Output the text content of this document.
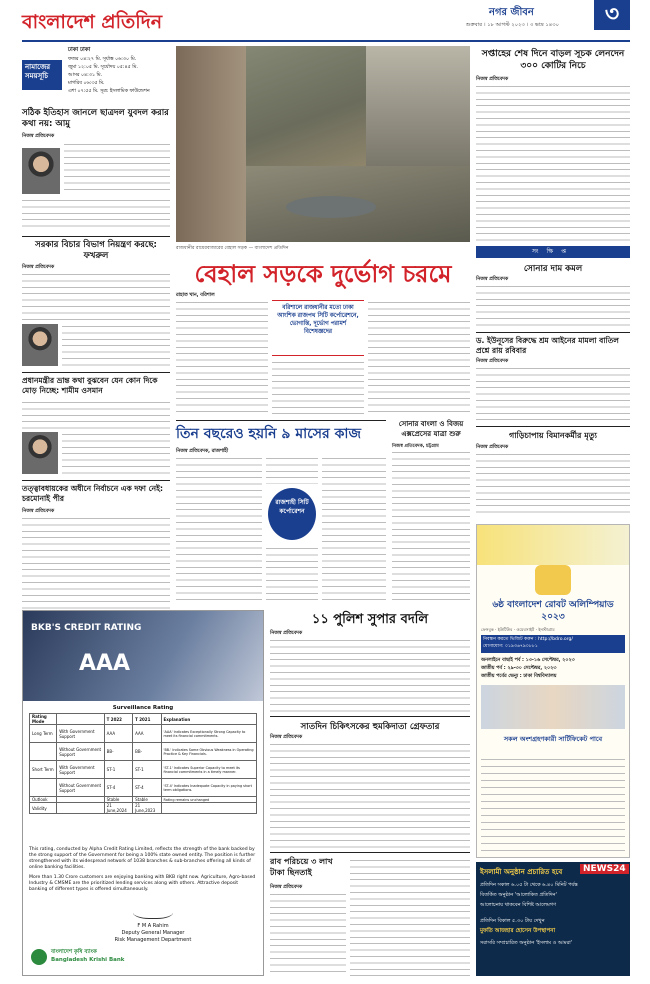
বাংলাদেশ প্রতিদিন	নগর জীবন	৩
শুক্রবার । ১৮ আগস্ট ২০২৩ । ৩ ভাদ্র ১৪৩০
নামাজের সময়সূচি
ঢাকা ঢাকা
ফজর ০৪:২৭ মি. সূর্যাস্ত ০৬:৩০ মি.
জুমা ১২:০৫ মি. সূর্যোদয় ০৫:৪৫ মি.
আসর ০৪:৩১ মি.
মাগরিব ০৬:৩৫ মি.
এশা ০৭:৫৫ মি. সূত্র: ইসলামিক ফাউন্ডেশন
সঠিক ইতিহাস জানলে ছাত্রদল যুবদল করার কথা নয়: আমু
নিজস্ব প্রতিবেদক
সরকার বিচার বিভাগ নিয়ন্ত্রণ করছে: ফখরুল
নিজস্ব প্রতিবেদক
প্রধানমন্ত্রীর ভ্রান্ত কথা বুঝবেন যেন কোন দিকে মোড় নিচ্ছে: শামীম ওসমান
তত্ত্বাবধায়কের অধীনে নির্বাচনে এক দফা নেই: চরমোনাই পীর
নিজস্ব প্রতিবেদক
রাজধানীর রায়েরবাজারের বেহাল সড়ক — বাংলাদেশ প্রতিদিন
সপ্তাহের শেষ দিনে বাড়ল সূচক লেনদেন ৩০০ কোটির নিচে
নিজস্ব প্রতিবেদক
সংক্ষিপ্ত
সোনার দাম কমল
নিজস্ব প্রতিবেদক
ড. ইউনূসের বিরুদ্ধে শ্রম আইনের মামলা বাতিল প্রশ্নে রায় রবিবার
নিজস্ব প্রতিবেদক
গাড়িচাপায় বিমানকর্মীর মৃত্যু
নিজস্ব প্রতিবেদক
বেহাল সড়কে দুর্ভোগ চরমে
রাহাত খান, বরিশাল
বরিশালে রাজধানীর মতো ঢাকা আংশিক রাজপথ সিটি কর্পোরেশনে, ভোগান্তি, দূর্ভোগ পরামর্শ বিশেষজ্ঞদের
তিন বছরেও হয়নি ৯ মাসের কাজ
নিজস্ব প্রতিবেদক, রাজশাহী
রাজশাহী সিটি কর্পোরেশন
সোনার বাংলা ও বিজয় এক্সপ্রেসের যাত্রা শুরু
নিজস্ব প্রতিবেদক, চট্টগ্রাম
BKB'S CREDIT RATING
AAA
Surveillance Rating
Rating Mode		T 2022	T 2021	Explanation
Long Term	With Government Support	AAA	AAA	'AAA' Indicates Exceptionally Strong Capacity to meet its financial commitments.
	Without Government Support	BB-	BB-	'BB-' Indicates Some Obvious Weakness in Operating Practice & Key Financials.
Short Term	With Government Support	ST-1	ST-1	'ST-1' Indicates Superior Capacity to meet its financial commitments in a timely manner.
	Without Government Support	ST-4	ST-4	'ST-4' Indicates Inadequate Capacity in paying short term obligations.
Outlook		Stable	Stable	Rating remains unchanged
Validity		21 June,2024	21 June,2023	
This rating, conducted by Alpha Credit Rating Limited, reflects the strength of the bank backed by the strong support of the Government for being a 100% state owned entity. The position is further strengthened with its widespread network of 1038 branches & sub-branches offering all kinds of online banking facilities.
More than 1.30 Crore customers are enjoying banking with BKB right now. Agriculture, Agro-based Industry & CMSME are the prioritized lending services along with others. Attractive deposit banking of different types is offered simultaneously.
F M A Rahim
Deputy General Manager
Risk Management Department
বাংলাদেশ কৃষি ব্যাংক
Bangladesh Krishi Bank
১১ পুলিশ সুপার বদলি
নিজস্ব প্রতিবেদক
সাতদিন চিকিৎসকের হুমকিদাতা গ্রেফতার
নিজস্ব প্রতিবেদক
রাব পরিচয়ে ৩ লাখ টাকা ছিনতাই
নিজস্ব প্রতিবেদক
৬ষ্ঠ বাংলাদেশ রোবট অলিম্পিয়াড ২০২৩
ফেসবুক · ইউটিউব · ওয়েবসাইট · ইনস্টাগ্রাম
নিবন্ধন করতে ভিজিট করুন : http://bdro.org/
যোগাযোগ: ০১৯৩৬৭৯০৮৮১
অনলাইনে বাছাই পর্ব : ১৩-১৬ সেপ্টেম্বর, ২০২৩
জাতীয় পর্ব : ২৯-৩০ সেপ্টেম্বর, ২০২৩
জাতীয় পর্বের ভেন্যু : ঢাকা বিশ্ববিদ্যালয়
সকল অংশগ্রহণকারী সার্টিফিকেট পাবে
ইসলামী অনুষ্ঠান প্রচারিত হবে	NEWS24
প্রতিদিন সকাল ৬.০৫ টা থেকে ৬.৪০ মিনিট পর্যন্ত
বিতর্কিত অনুষ্ঠান 'আলোকিত প্রতিদিন'
আলোচনায় থাকবেন বিশিষ্ট আলেমগণ
প্রতিদিন বিকাল ৫.৩০ টায় দেখুন
মুফতি আজহার হোসেন উপস্থাপনা
সরাসরি সম্প্রচারিত অনুষ্ঠান 'ইসলাম ও আমরা'
